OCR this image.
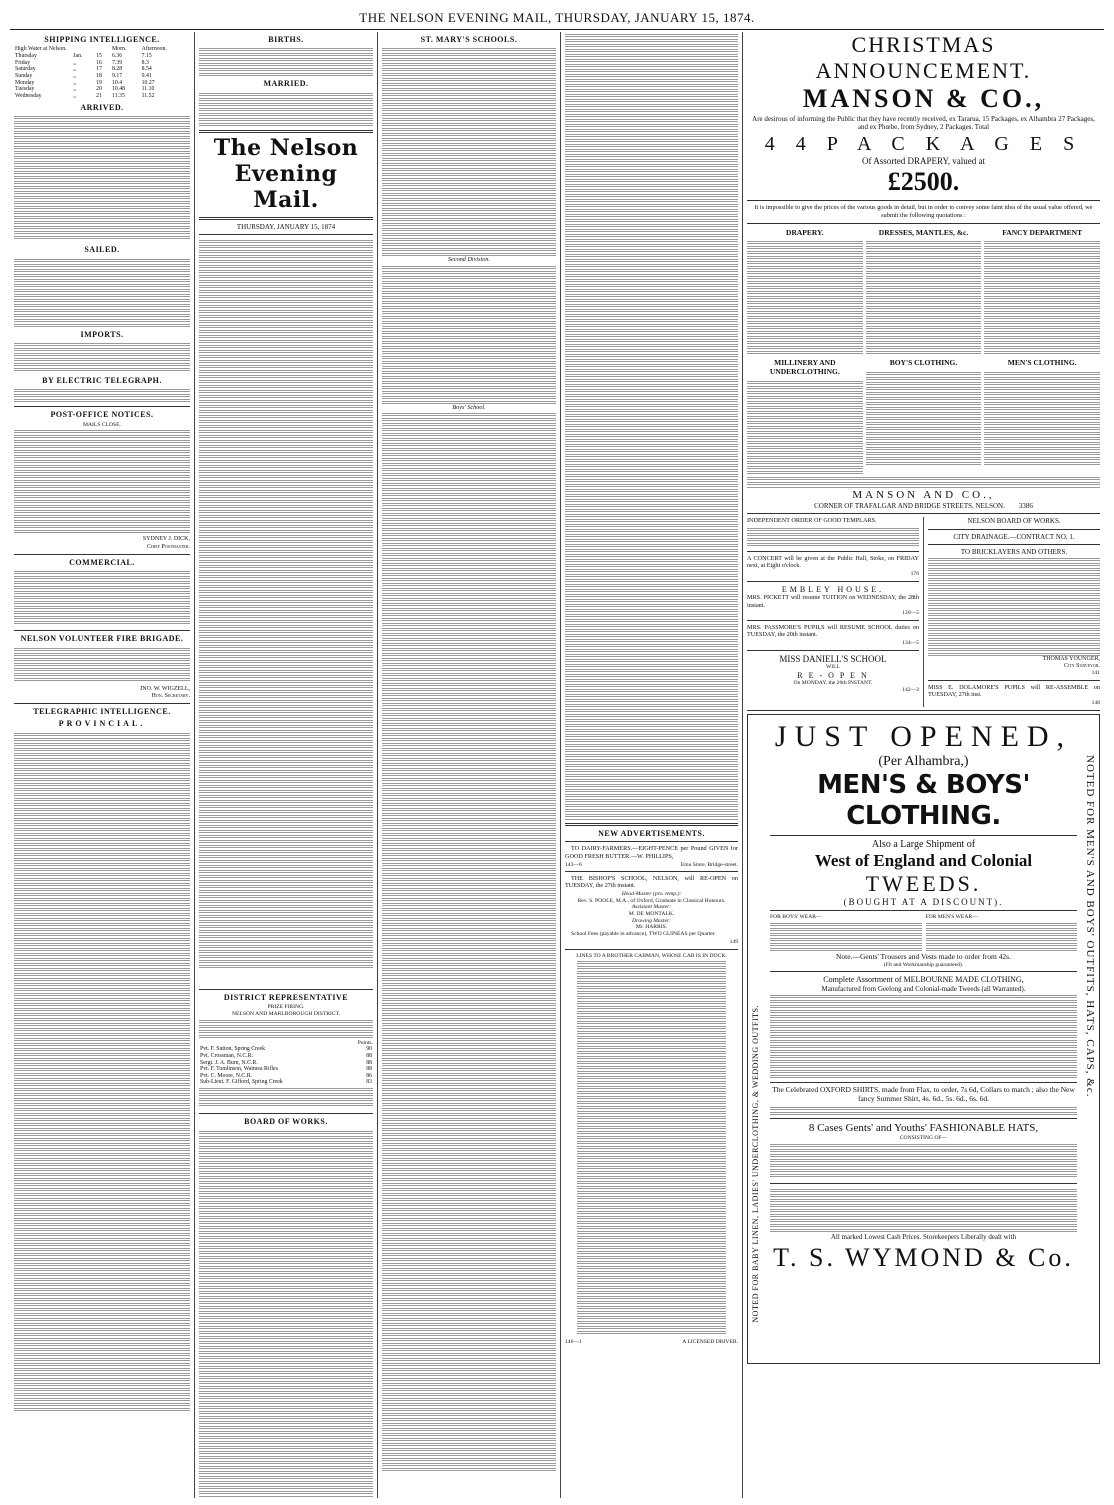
THE NELSON EVENING MAIL, THURSDAY, JANUARY 15, 1874.
SHIPPING INTELLIGENCE.
High Water at Nelson.			Morn.	Afternoon.
Thursday	Jan.	15	6.36	7.15
Friday	„	16	7.39	8.3
Saturday	„	17	8.28	8.54
Sunday	„	18	9.17	9.41
Monday	„	19	10.4	10.27
Tuesday	„	20	10.48	11.10
Wednesday	„	21	11.35	11.52
ARRIVED.
SAILED.
IMPORTS.
BY ELECTRIC TELEGRAPH.
POST-OFFICE NOTICES.
MAILS CLOSE.
SYDNEY J. DICK,
Chief Postmaster.
COMMERCIAL.
NELSON VOLUNTEER FIRE BRIGADE.
JNO. W. WIGZELL,
Hon. Secretary.
TELEGRAPHIC INTELLIGENCE.
PROVINCIAL.
BIRTHS.
MARRIED.
The Nelson Evening Mail.
THURSDAY, JANUARY 15, 1874
DISTRICT REPRESENTATIVE
PRIZE FIRING.
NELSON AND MARLBOROUGH DISTRICT.
Points.
Pvt. F. Sutton, Spring Creek	90
Pvt. Crossman, N.C.R.	88
Sergt. J. A. Burn, N.C.R.	88
Pvt. F. Tomlinson, Waimea Rifles	88
Pvt. C. Moore, N.C.R.	86
Sub-Lieut. F. Gifford, Spring Creek	83
BOARD OF WORKS.
ST. MARY'S SCHOOLS.
Second Division.
Boys' School.
NEW ADVERTISEMENTS.
TO DAIRY-FARMERS.—EIGHT-PENCE per Pound GIVEN for GOOD FRESH BUTTER.—W. PHILLIPS,
143—6	Emu Store, Bridge-street.
THE BISHOP'S SCHOOL, NELSON, will RE-OPEN on TUESDAY, the 27th instant.
Head-Master (pro. temp.):
Rev. S. POOLE, M.A., of Oxford, Graduate in Classical Honours.
Assistant Master:
M. DE MONTALK.
Drawing Master:
Mr. HARRIS.
School Fees (payable in advance), TWO GUINEAS per Quarter.
149
LINES TO A BROTHER CABMAN, WHOSE CAB IS IN DOCK.
146—1	A LICENSED DRIVER.
CHRISTMAS ANNOUNCEMENT.
MANSON & CO.,
Are desirous of informing the Public that they have recently received, ex Tararua, 15 Packages, ex Alhambra 27 Packages, and ex Phœbe, from Sydney, 2 Packages. Total
4 4 P A C K A G E S
Of Assorted DRAPERY, valued at
£2500.
It is impossible to give the prices of the various goods in detail, but in order to convey some faint idea of the usual value offered, we submit the following quotations :
DRAPERY.
MILLINERY AND UNDERCLOTHING.
DRESSES, MANTLES, &c.
BOY'S CLOTHING.
FANCY DEPARTMENT
MEN'S CLOTHING.
MANSON AND CO.,
CORNER OF TRAFALGAR AND BRIDGE STREETS, NELSON. 3386
INDEPENDENT ORDER OF GOOD TEMPLARS.
A CONCERT will be given at the Public Hall, Stoke, on FRIDAY next, at Eight o'clock.
176
EMBLEY HOUSE.
MRS. PICKETT will resume TUITION on WEDNESDAY, the 28th instant.
120—5
MRS. PASSMORE'S PUPILS will RESUME SCHOOL duties on TUESDAY, the 20th instant.
134—5
MISS DANIELL'S SCHOOL
WILL
R E - O P E N
On MONDAY, the 26th INSTANT.
142—2
NELSON BOARD OF WORKS.
CITY DRAINAGE.—CONTRACT NO. 1.
TO BRICKLAYERS AND OTHERS.
THOMAS YOUNGER,
City Surveyor.
141
MISS E. DOLAMORE'S PUPILS will RE-ASSEMBLE on TUESDAY, 27th inst.
148
NOTED FOR MEN'S AND BOYS' OUTFITS, HATS, CAPS, &c.
NOTED FOR BABY LINEN, LADIES' UNDERCLOTHING, & WEDDING OUTFITS.
JUST OPENED,
(Per Alhambra,)
MEN'S & BOYS' CLOTHING.
Also a Large Shipment of
West of England and Colonial
TWEEDS.
(BOUGHT AT A DISCOUNT).
FOR BOYS' WEAR—	FOR MEN'S WEAR—
Note.—Gents' Trousers and Vests made to order from 42s.
(Fit and Workmanship guaranteed).
Complete Assortment of MELBOURNE MADE CLOTHING,
Manufactured from Geelong and Colonial-made Tweeds (all Warranted).
The Celebrated OXFORD SHIRTS, made from Flax, to order, 7s 6d, Collars to match ; also the New fancy Summer Shirt, 4s. 6d., 5s. 6d., 6s. 6d.
8 Cases Gents' and Youths' FASHIONABLE HATS,
CONSISTING OF—
All marked Lowest Cash Prices. Storekeepers Liberally dealt with
T. S. WYMOND & Co.
